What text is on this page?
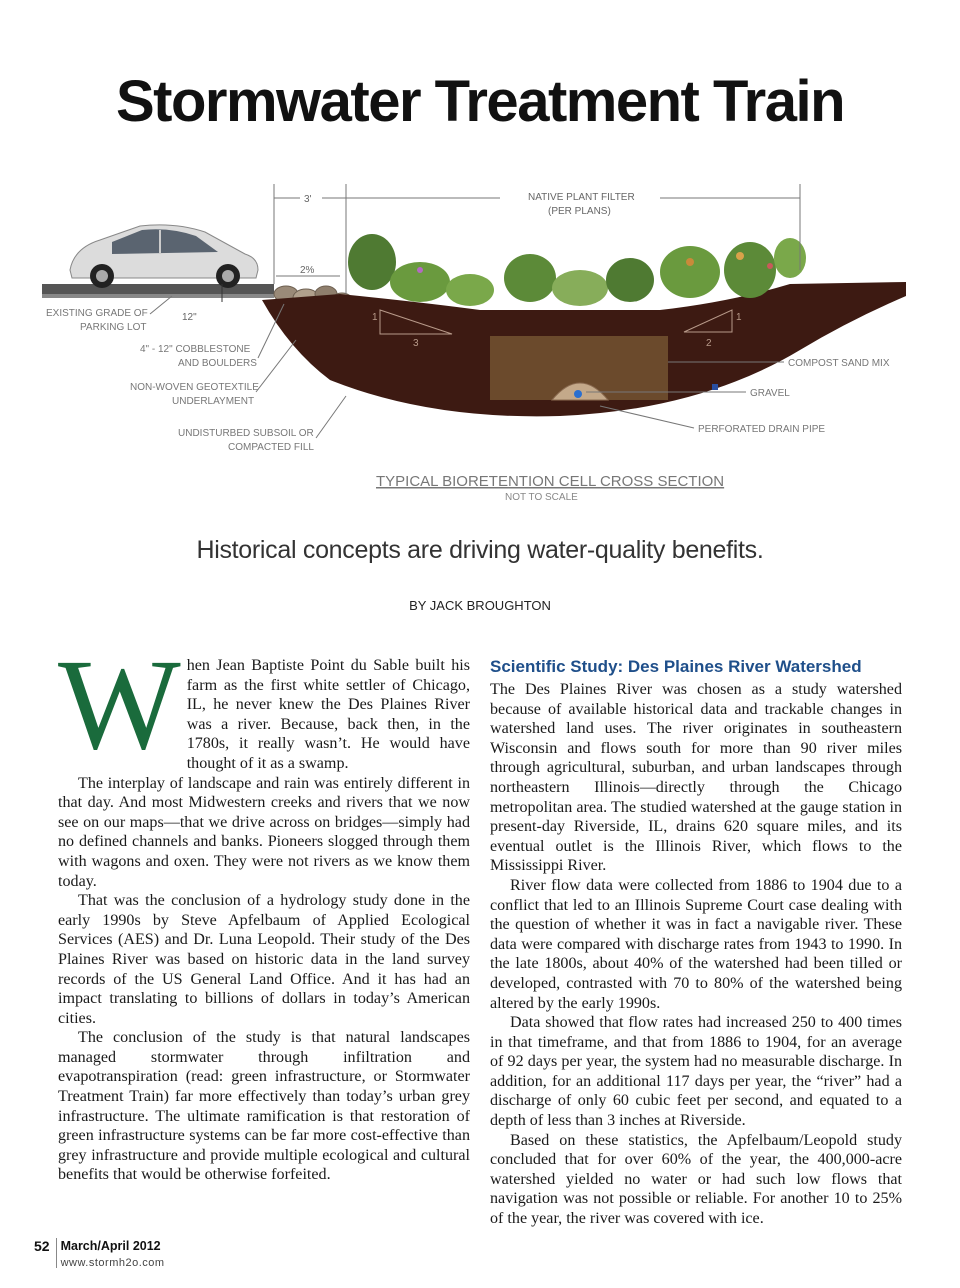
Stormwater Treatment Train
1
3
1
2
3'	NATIVE PLANT FILTER
(PER PLANS)
2%
12"
EXISTING GRADE OF
PARKING LOT
4" - 12" COBBLESTONE
AND BOULDERS
NON-WOVEN GEOTEXTILE
UNDERLAYMENT
UNDISTURBED SUBSOIL OR
COMPACTED FILL
COMPOST SAND MIX
GRAVEL
PERFORATED DRAIN PIPE
TYPICAL BIORETENTION CELL CROSS SECTION
NOT TO SCALE
Historical concepts are driving water-quality benefits.
BY JACK BROUGHTON
W hen Jean Baptiste Point du Sable built his farm as the first white settler of Chicago, IL, he never knew the Des Plaines River was a river. Because, back then, in the 1780s, it really wasn’t. He would have thought of it as a swamp.

The interplay of landscape and rain was entirely different in that day. And most Midwestern creeks and rivers that we now see on our maps—that we drive across on bridges—simply had no defined channels and banks. Pioneers slogged through them with wagons and oxen. They were not rivers as we know them today.

That was the conclusion of a hydrology study done in the early 1990s by Steve Apfelbaum of Applied Ecological Services (AES) and Dr. Luna Leopold. Their study of the Des Plaines River was based on historic data in the land survey records of the US General Land Office. And it has had an impact translating to billions of dollars in today’s American cities.

The conclusion of the study is that natural landscapes managed stormwater through infiltration and evapotranspiration (read: green infrastructure, or Stormwater Treatment Train) far more effectively than today’s urban grey infrastructure. The ultimate ramification is that restoration of green infrastructure systems can be far more cost-effective than grey infrastructure and provide multiple ecological and cultural benefits that would be otherwise forfeited.

Scientific Study: Des Plaines River Watershed

The Des Plaines River was chosen as a study watershed because of available historical data and trackable changes in watershed land uses. The river originates in southeastern Wisconsin and flows south for more than 90 river miles through agricultural, suburban, and urban landscapes through northeastern Illinois—directly through the Chicago metropolitan area. The studied watershed at the gauge station in present-day Riverside, IL, drains 620 square miles, and its eventual outlet is the Illinois River, which flows to the Mississippi River.

River flow data were collected from 1886 to 1904 due to a conflict that led to an Illinois Supreme Court case dealing with the question of whether it was in fact a navigable river. These data were compared with discharge rates from 1943 to 1990. In the late 1800s, about 40% of the watershed had been tilled or developed, contrasted with 70 to 80% of the watershed being altered by the early 1990s.

Data showed that flow rates had increased 250 to 400 times in that timeframe, and that from 1886 to 1904, for an average of 92 days per year, the system had no measurable discharge. In addition, for an additional 117 days per year, the “river” had a discharge of only 60 cubic feet per second, and equated to a depth of less than 3 inches at Riverside.

Based on these statistics, the Apfelbaum/Leopold study concluded that for over 60% of the year, the 400,000-acre watershed yielded no water or had such low flows that navigation was not possible or reliable. For another 10 to 25% of the year, the river was covered with ice.

52 March/April 2012
www.stormh2o.com
